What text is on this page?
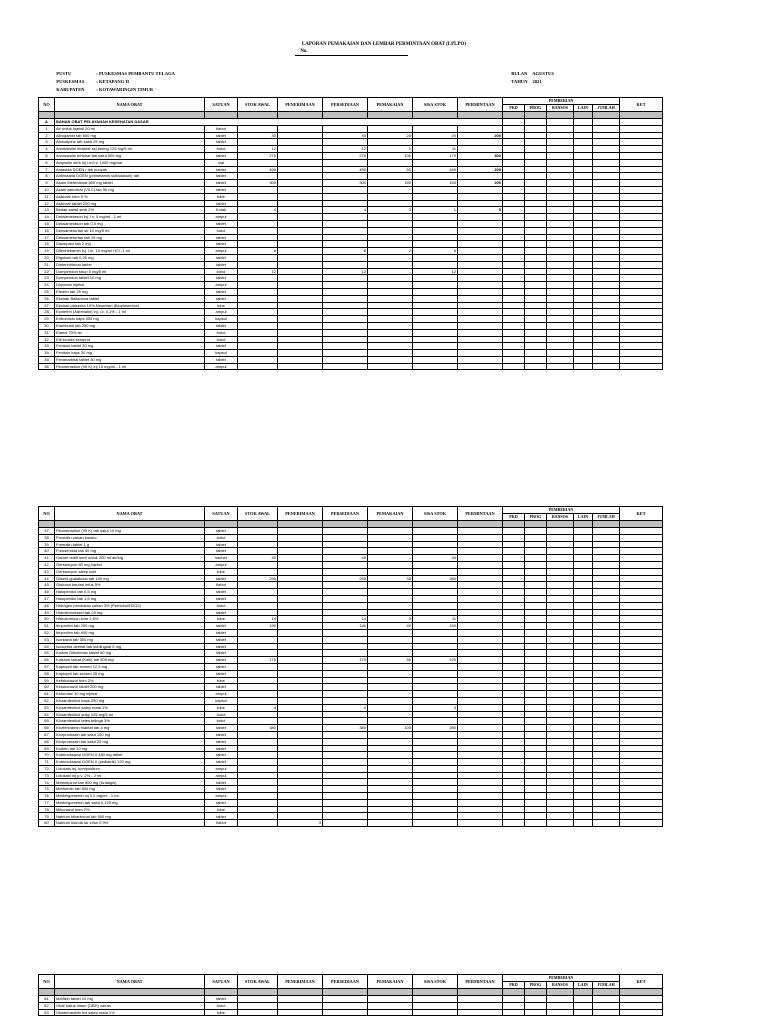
LAPORAN PEMAKAIAN DAN LEMBAR PERMINTAAN OBAT (LPLPO)
No.

PUSTU	: PUSKESMAS PEMBANTU TELAGA

PUSKESMAS	: KETAPANG II

KABUPATEN	: KOTAWARINGIN TIMUR

BULAN AGUSTUS

TAHUN 2021

NO	NAMA OBAT	SATUAN	STOK AWAL	PENERIMAAN	PERSEDIAAN	PEMAKAIAN	SISA STOK	PERMINTAAN	PEMBERIAN					KET
									PKD	PROG	BANSOS	LAIN	JUMLAH	

A	BAHAN OBAT PELAYANAN KESEHATAN DASAR													
1	Air untuk injeksi 20 ml	flabot												
2	Albuqamid tab 500 mg	tablet	40		40	20	20	200						
3	Amlodipine tab salut 25 mg	tablet												
4	Amoksisilin irtrahidr ssl kering 125 mg/5 ml	botol	12		12	1	11							
5	Amoksisilin trihidrat tab salut 500 mg	tablet	270		270	100	170	300						
6	Ampisilin serb inj i.m/i.v. 1000 mg/vial	vial												
7	Antasida DOEN I tab kunyah	tablet	490		490	50	440	200						
8	Antimaaria DOEN (primetamin sulfadoksin) tab	tablet												
9	Asam Mefenamat 500 mg tablet	tablet	300		300	150	150	200						
10	Asam askorbat (Vit C) tab 50 mg	tablet												
11	Asiklovir krim 5 %	tube												
12	Asiklovir tablet 200 mg	tablet												
13	Bedak salisil serb 2%	Kotak	4		4	3	1	5						
14	Deksametason inj. i.v. 5 mg/ml - 1 ml	ampul												
15	Deksametason tab 0,5 mg	tablet												
16	Deksametorfan sir 10 mg/5 ml	botol												
17	Deksametorfan tab 15 mg	tablet												
18	Diazepam tab 2 mg	tablet												
19	Difenhidramin inj. i.m. 10 mg/ml HCl -1 ml	ampul	8		8	2	6							
20	Digoksin tab 0,25 mg	tablet												
21	Dimenhidrinat tablet	tablet												
22	Domperidon sirup 5 mg/5 ml	botol	12		12	-	12							
23	Domperidon tablet 10 mg	tablet												
24	Dopamin injeksi	ampul												
25	Efedrin tab 25 mg	tablet												
26	Ekstrak Belladona tablet	tablet												
27	Ekstrak plasenta 10%,Neomisin (Bioplasenton)	tube												
28	Epinefrin (Adrenalin) inj. i.v. 0,1% - 1 ml	ampul												
29	Eritromisin kaps 500 mg	kapsul												
30	Etambutol tab 250 mg	tablet												
31	Etanol 70% ist	botol												
32	Etil klorida semprot	botol												
33	Fenitoin tablet 30 mg	tablet												
34	Fenitoin kaps 30 mg	kapsul												
35	Fenobarbital tablet 30 mg	tablet												
36	Fitomenadion (Vit K) inj 10 mg/ml - 1 ml	ampul												
NO	NAMA OBAT	SATUAN	STOK AWAL	PENERIMAAN	PERSEDIAAN	PEMAKAIAN	SISA STOK	PERMINTAAN	PEMBERIAN					KET
									PKD	PROG	BANSOS	LAIN	JUMLAH	

37	Fitomenadion (Vit K) tab salut 10 mg	tablet												
38	Formalin cairan kresko	botol												
39	Formalin tablet 1 g	tablet												
40	Furosemida tab 40 mg	tablet												
41	Garam oralit serb untuk 200 ml air/ktg	sachet	40		40	-	40							
42	Gentamycin 80 mg injeksi	ampul												
43	Gentamycin salep kulit	tube												
44	Gliseril guaiakolat tab 100 mg	tablet	290		290	30	260							
45	Glukosa larutan infus 5%	flabot												
46	Haloperidol tab 0,5 mg	tablet												
47	Haloperidol tab 1,5 mg	tablet												
48	Hidrogen peroksida cairan 3% (Perhidrol/H2O2)	botol												
49	Hidroklorotiazid tab 25 mg	tablet												
50	Hidrokortison krim 2,5%	tube	14		14	3	11							
51	Ibuprofen tab 200 mg	tablet	190		190	40	150							
52	Ibuprofen tab 400 mg	tablet												
53	Isoniazid tab 300 mg	tablet												
54	Isosorbid dinitrat tab sublingual 5 mg	tablet												
55	Kalium Diklofenac tablet 50 mg	tablet												
56	Kalsium laktat (Kalk) tab 500 mg	tablet	170		170	50	120							
57	Kaptopril tab scored 12,5 mg	tablet												
58	Kaptopril tab scored 25 mg	tablet												
59	Ketokonazol krim 2%	tube												
60	Ketokonazol tablet 200 mg	tablet												
61	Ketorolac 10 mg injeksi	ampul												
62	Kloramfenikol kaps 250 mg	kapsul												
63	Kloramfenikol salep mata 1%	tube	4		4	-	4							
64	Kloramfenikol susp 125 mg/5 ml	botol												
65	Kloramfenikol tetes telinga 3%	botol												
66	Klorfeniramin maleat tab 4 mg	tablet	380		380	100	280							
67	Klorpromazin tab salut 100 mg	tablet												
68	Klorpromazin tab salut 25 mg	tablet												
69	Kodein tab 10 mg	tablet												
70	Kotrimoksazol DOEN II 480 mg tablet	tablet												
71	Kotrimoksazol DOEN II (pediatrik) 120 mg	tablet												
72	Lidokain inj. kompositum	ampul												
73	Lidokain inj p.v. 2% - 2 ml	ampul												
74	Metampiron tab 500 mg (Antalgin)	tablet												
75	Metformin tab 500 mg	tablet												
76	Metilergometrin inj 0,2 mg/ml - 1 ml	ampul												
77	Metilergometrin tab salut 0,125 mg	tablet												
78	Mikonazol krim 2%	tube												
79	Natrium bikarbonat tab 500 mg	tablet												
80	Natrium klorida lar infus 0,9%	flabot		3										
NO	NAMA OBAT	SATUAN	STOK AWAL	PENERIMAAN	PERSEDIAAN	PEMAKAIAN	SISA STOK	PERMINTAAN	PEMBERIAN					KET
									PKD	PROG	BANSOS	LAIN	JUMLAH	

81	Medizin tablet 10 mg	tablet												
82	Obat batuk hitam (OBH) cairan	botol												
83	Oksitetrasiklin hcl salep mata 1%	tube												
